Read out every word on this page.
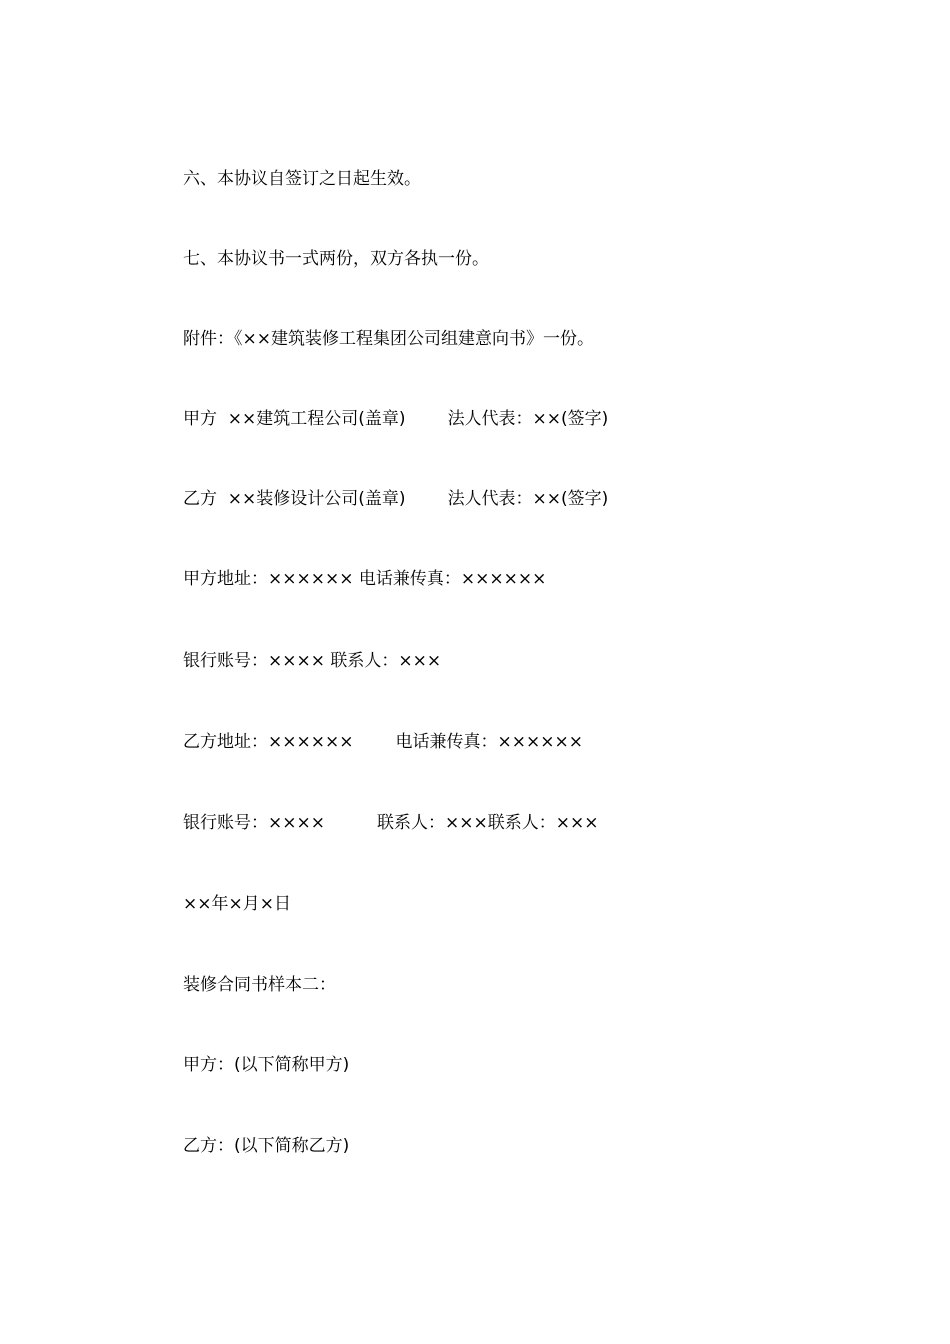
六、本协议自签订之日起生效。

七、本协议书一式两份，双方各执一份。

附件：《××建筑装修工程集团公司组建意向书》一份。

甲方  ××建筑工程公司(盖章) 法人代表：××(签字)

乙方  ××装修设计公司(盖章) 法人代表：××(签字)

甲方地址：×××××× 电话兼传真：××××××

银行账号：×××× 联系人：×××

乙方地址：×××××× 电话兼传真：××××××

银行账号：××××	联系人：×××联系人：×××

××年×月×日

装修合同书样本二：

甲方：(以下简称甲方)

乙方：(以下简称乙方)
